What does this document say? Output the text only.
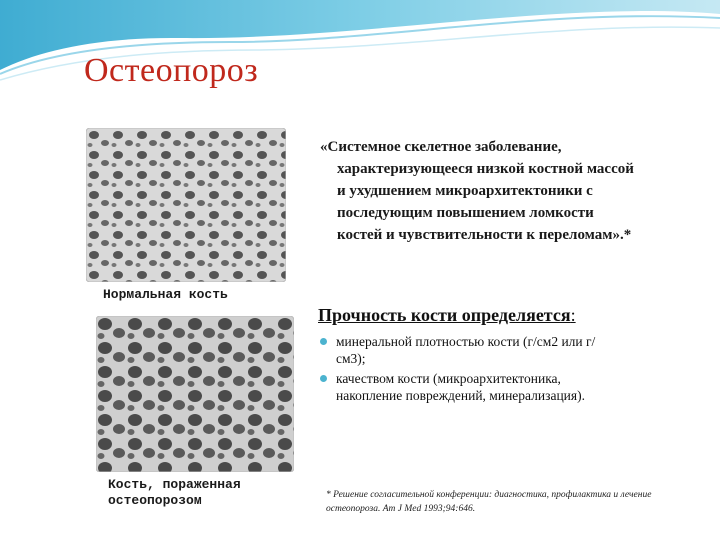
Остеопороз
Нормальная кость
Кость, пораженная
остеопорозом
«Системное скелетное заболевание,
характеризующееся низкой костной массой
и ухудшением микроархитектоники с
последующим повышением ломкости
костей и чувствительности к переломам».*
Прочность кости определяется:
минеральной плотностью кости (г/см2 или г/см3);
качеством кости (микроархитектоника, накопление повреждений, минерализация).
* Решение согласительной конференции: диагностика, профилактика и лечение остеопороза. Am J Med 1993;94:646.
